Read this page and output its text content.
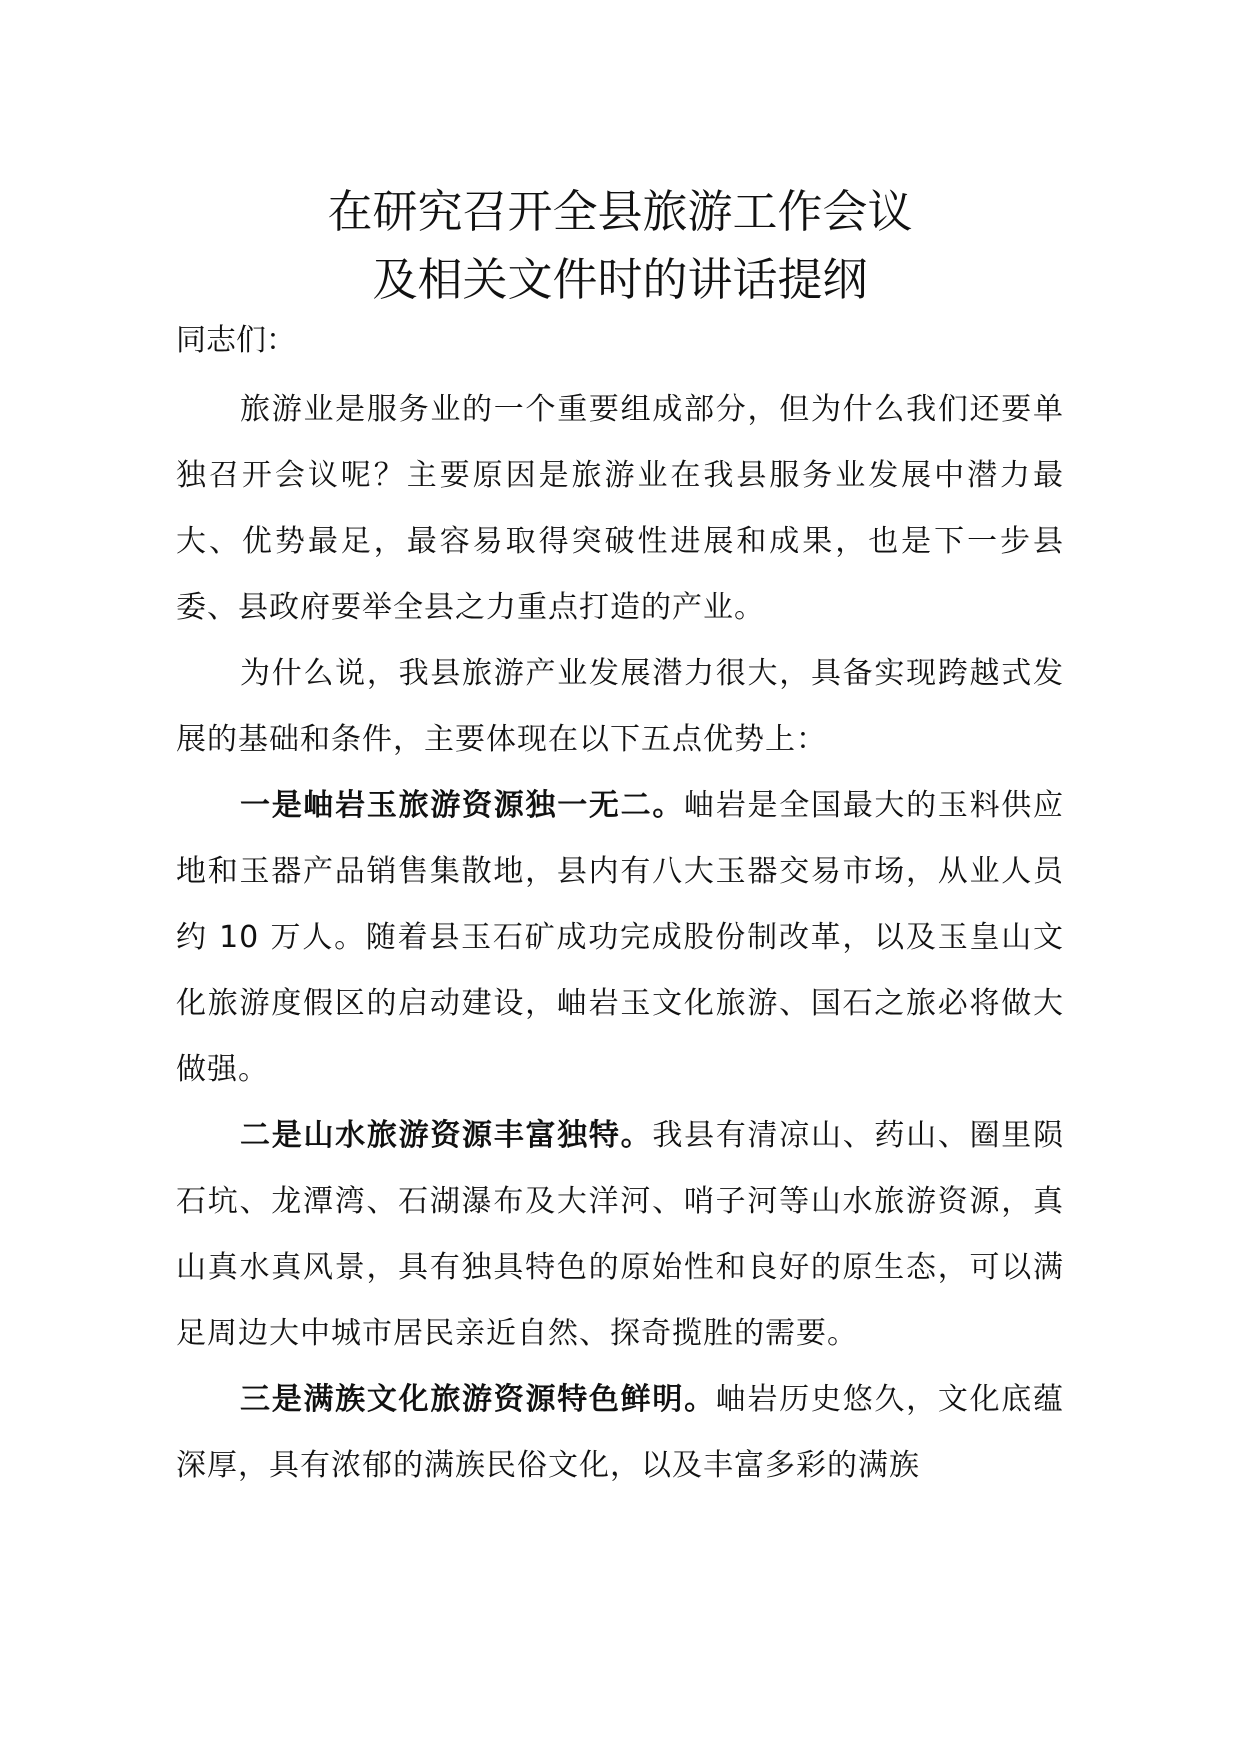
在研究召开全县旅游工作会议
及相关文件时的讲话提纲

同志们：

旅游业是服务业的一个重要组成部分，但为什么我们还要单独召开会议呢？主要原因是旅游业在我县服务业发展中潜力最大、优势最足，最容易取得突破性进展和成果，也是下一步县委、县政府要举全县之力重点打造的产业。

为什么说，我县旅游产业发展潜力很大，具备实现跨越式发展的基础和条件，主要体现在以下五点优势上：

一是岫岩玉旅游资源独一无二。岫岩是全国最大的玉料供应地和玉器产品销售集散地，县内有八大玉器交易市场，从业人员约 10 万人。随着县玉石矿成功完成股份制改革，以及玉皇山文化旅游度假区的启动建设，岫岩玉文化旅游、国石之旅必将做大做强。

二是山水旅游资源丰富独特。我县有清凉山、药山、圈里陨石坑、龙潭湾、石湖瀑布及大洋河、哨子河等山水旅游资源，真山真水真风景，具有独具特色的原始性和良好的原生态，可以满足周边大中城市居民亲近自然、探奇揽胜的需要。

三是满族文化旅游资源特色鲜明。岫岩历史悠久，文化底蕴深厚，具有浓郁的满族民俗文化，以及丰富多彩的满族
